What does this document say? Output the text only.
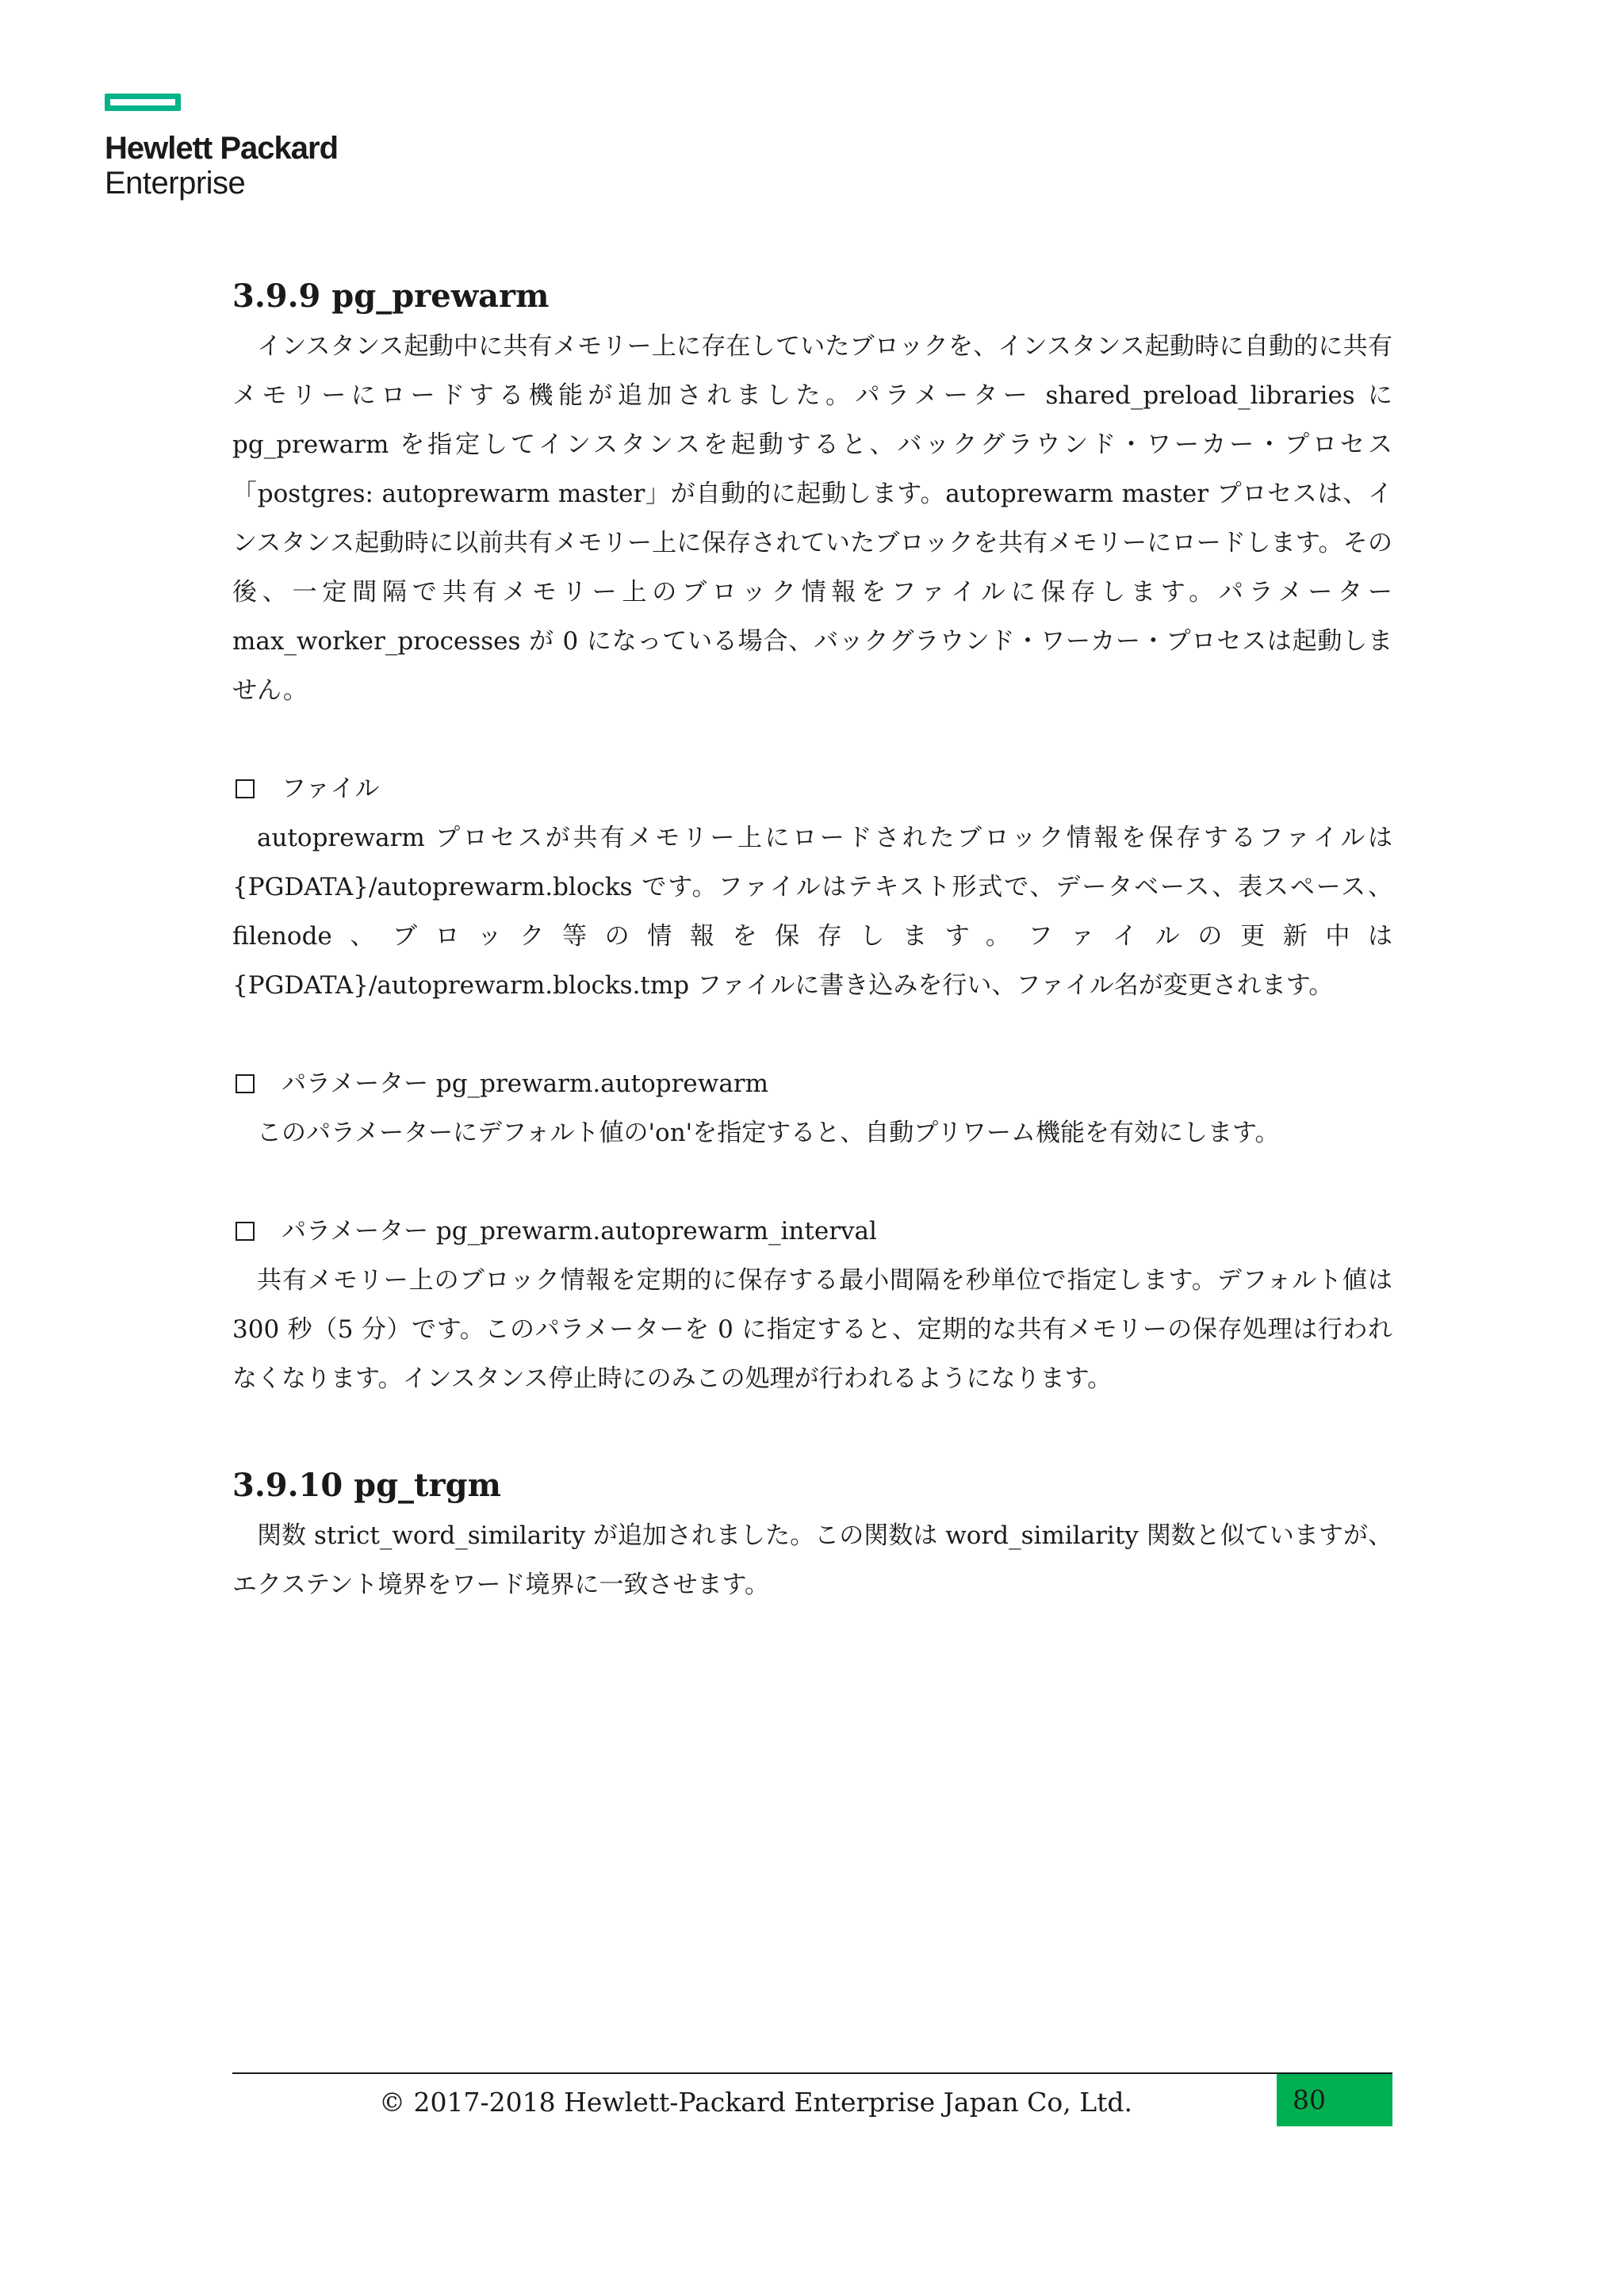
Hewlett Packard
Enterprise
3.9.9 pg_prewarm

インスタンス起動中に共有メモリー上に存在していたブロックを、インスタンス起動時に自動的に共有メモリーにロードする機能が追加されました。パラメーター shared_preload_libraries に pg_prewarm を指定してインスタンスを起動すると、バックグラウンド・ワーカー・プロセス「postgres: autoprewarm master」が自動的に起動します。autoprewarm master プロセスは、インスタンス起動時に以前共有メモリー上に保存されていたブロックを共有メモリーにロードします。その後、一定間隔で共有メモリー上のブロック情報をファイルに保存します。パラメーターmax_worker_processes が 0 になっている場合、バックグラウンド・ワーカー・プロセスは起動しません。

ファイル

autoprewarm プロセスが共有メモリー上にロードされたブロック情報を保存するファイルは{PGDATA}/autoprewarm.blocks です。ファイルはテキスト形式で、データベース、表スペース、filenode、ブロック等の情報を保存します。ファイルの更新中は{PGDATA}/autoprewarm.blocks.tmp ファイルに書き込みを行い、ファイル名が変更されます。

パラメーター pg_prewarm.autoprewarm

このパラメーターにデフォルト値の'on'を指定すると、自動プリワーム機能を有効にします。

パラメーター pg_prewarm.autoprewarm_interval

共有メモリー上のブロック情報を定期的に保存する最小間隔を秒単位で指定します。デフォルト値は 300 秒（5 分）です。このパラメーターを 0 に指定すると、定期的な共有メモリーの保存処理は行われなくなります。インスタンス停止時にのみこの処理が行われるようになります。

3.9.10 pg_trgm

関数 strict_word_similarity が追加されました。この関数は word_similarity 関数と似ていますが、エクステント境界をワード境界に一致させます。

© 2017-2018 Hewlett-Packard Enterprise Japan Co, Ltd.	80
